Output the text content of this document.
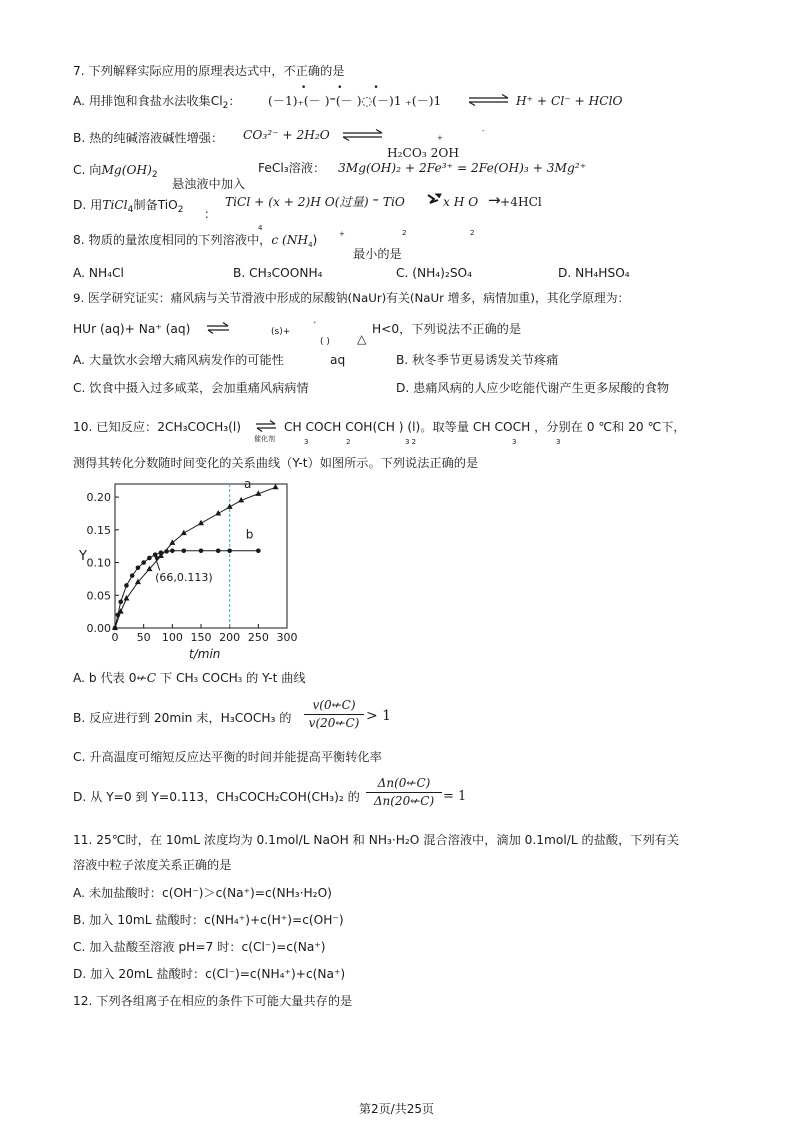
7. 下列解释实际应用的原理表达式中，不正确的是
A. 用排饱和食盐水法收集$Cl_2$：
• • •
(－1)₊(－ )⁼(－ )◌(－)1 ₊(－)1 ⇌ H⁺ + Cl⁻ + HClO
B. 热的纯碱溶液碱性增强： CO₃²⁻ + 2H₂O ⇌	+
-
H₂CO₃ 2OH
C. 向$Mg(OH)_2$
悬浊液中加入
FeCl₃溶液： 3Mg(OH)₂ + 2Fe³⁺ = 2Fe(OH)₃ + 3Mg²⁺
D. 用TiCl$_4$制备TiO$_2$ ：
TiCl + (x + 2)H O(过量) ⁼ TiO	x H O → +4HCl
4
2	2
8. 物质的量浓度相同的下列溶液中，c $(NH_4)$	+
最小的是
A. NH₄Cl	B. CH₃COONH₄	C. (NH₄)₂SO₄	D. NH₄HSO₄
9. 医学研究证实：痛风病与关节滑液中形成的尿酸钠(NaUr)有关(NaUr 增多，病情加重)，其化学原理为：
HUr (aq)+ Na⁺ (aq) ⇌	(s)+
⁺
( ) △
H<0，下列说法不正确的是
A. 大量饮水会增大痛风病发作的可能性	aq	B. 秋冬季节更易诱发关节疼痛
C. 饮食中摄入过多咸菜，会加重痛风病病情	D. 患痛风病的人应少吃能代谢产生更多尿酸的食物
10. 已知反应：2CH₃COCH₃(l) ⇌
催化剂
CH COCH COH(CH ) (l)。取等量 CH COCH ，分别在 0 ℃和 20 ℃下，
3	2	3 2	3	3
测得其转化分数随时间变化的关系曲线（Y-t）如图所示。下列说法正确的是
0 50 100 150 200 250 300
0.00
0.05
0.10
0.15
0.20
Y
t/min
a
b
(66,0.113)
A. b 代表 0↚C 下 CH3 COCH3 的 Y-t 曲线
B. 反应进行到 20min 末，H₃COCH₃ 的
v(0↚C)
v(20↚C) > 1
C. 升高温度可缩短反应达平衡的时间并能提高平衡转化率
D. 从 Y=0 到 Y=0.113，CH₃COCH₂COH(CH₃)₂ 的
Δn(0↚C)
Δn(20↚C) = 1
11. 25℃时，在 10mL 浓度均为 0.1mol/L NaOH 和 NH₃·H₂O 混合溶液中，滴加 0.1mol/L 的盐酸，下列有关
溶液中粒子浓度关系正确的是
A. 未加盐酸时：c(OH⁻)＞c(Na⁺)=c(NH₃·H₂O)
B. 加入 10mL 盐酸时：c(NH₄⁺)+c(H⁺)=c(OH⁻)
C. 加入盐酸至溶液 pH=7 时：c(Cl⁻)=c(Na⁺)
D. 加入 20mL 盐酸时：c(Cl⁻)=c(NH₄⁺)+c(Na⁺)
12. 下列各组离子在相应的条件下可能大量共存的是
第2页/共25页
